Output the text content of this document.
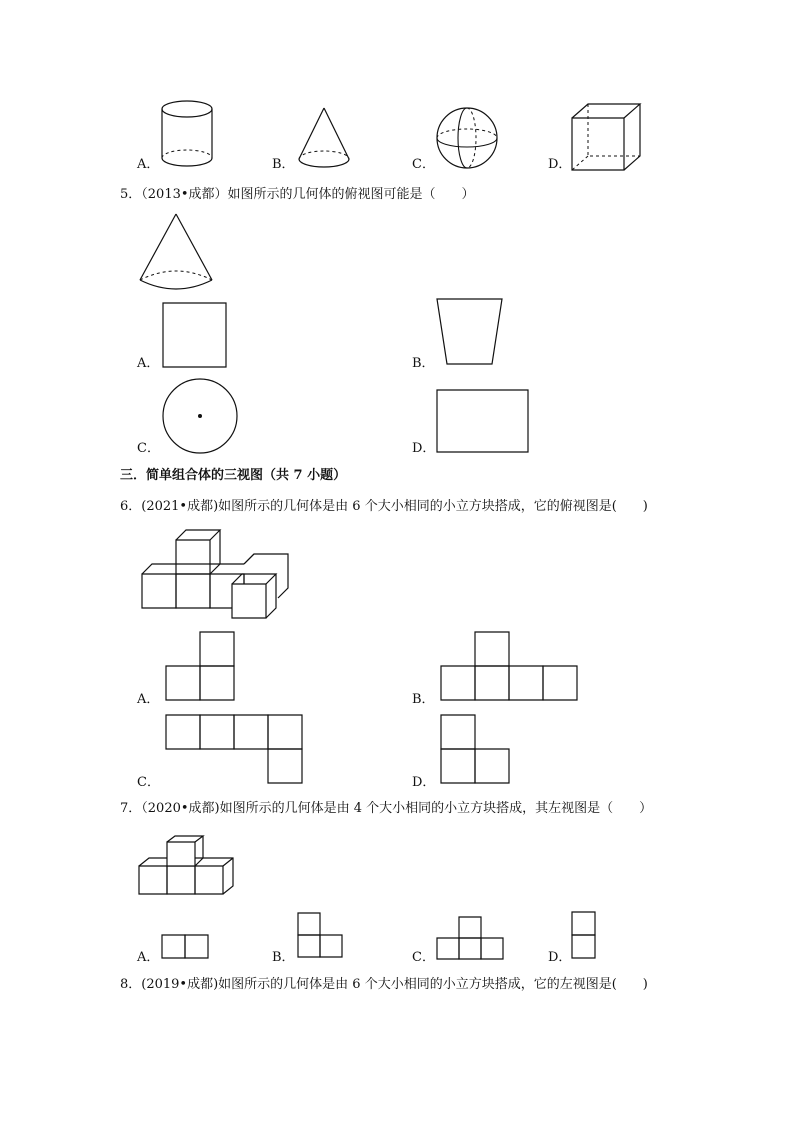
A．	B．	C．	D．
5．（2013•成都）如图所示的几何体的俯视图可能是（　　）
A．	B．
C．	D．
三．简单组合体的三视图（共 7 小题）
6．(2021•成都)如图所示的几何体是由 6 个大小相同的小立方块搭成，它的俯视图是(　　)
A．	B．
C．	D．
7．（2020•成都)如图所示的几何体是由 4 个大小相同的小立方块搭成，其左视图是（　　）
A．	B．	C．	D．
8．(2019•成都)如图所示的几何体是由 6 个大小相同的小立方块搭成，它的左视图是(　　)
